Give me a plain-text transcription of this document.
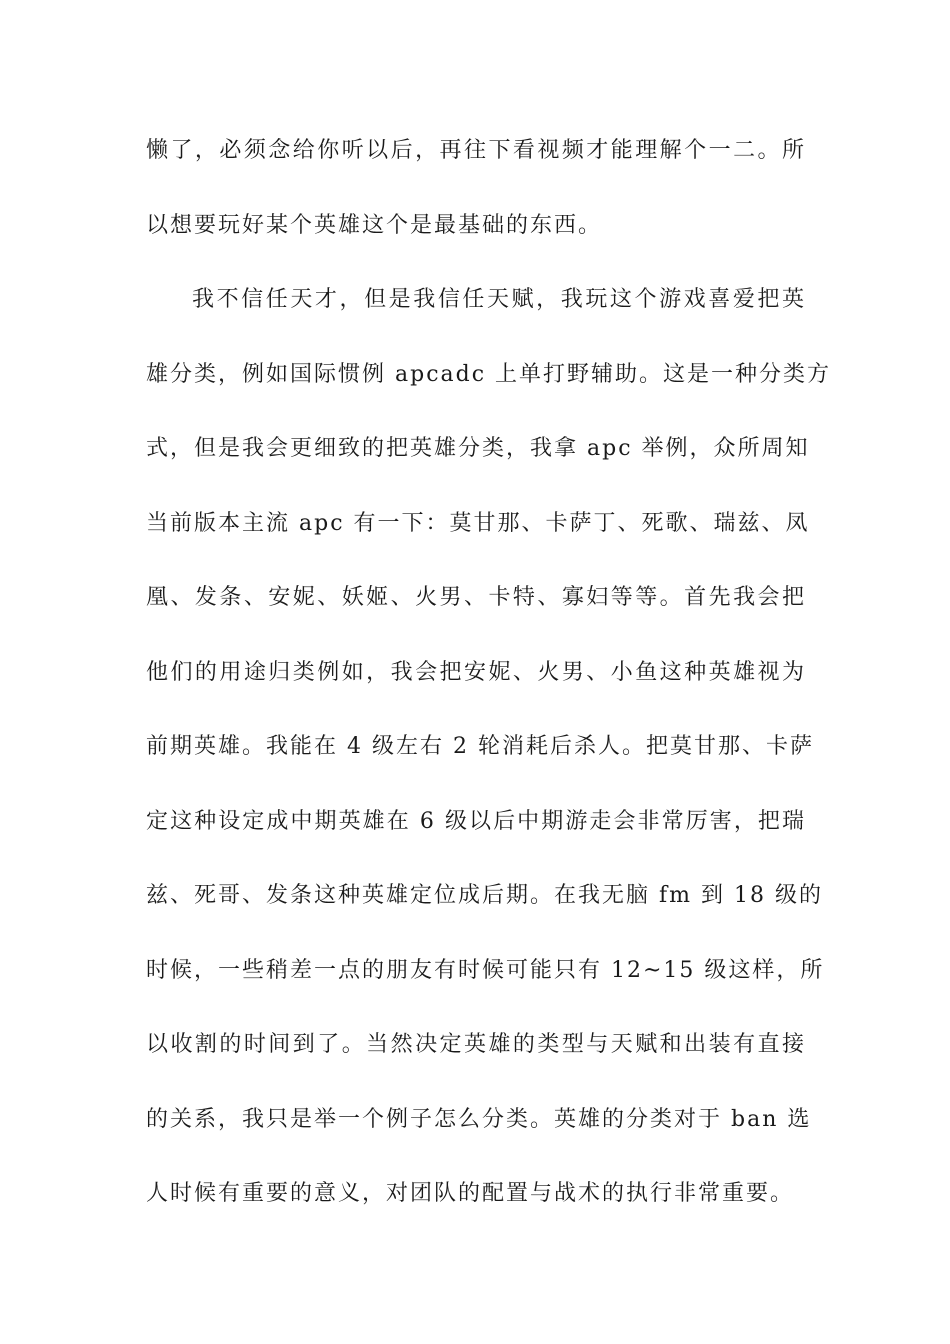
懒了，必须念给你听以后，再往下看视频才能理解个一二。所
以想要玩好某个英雄这个是最基础的东西。
我不信任天才，但是我信任天赋，我玩这个游戏喜爱把英
雄分类，例如国际惯例 apcadc 上单打野辅助。这是一种分类方
式，但是我会更细致的把英雄分类，我拿 apc 举例，众所周知
当前版本主流 apc 有一下：莫甘那、卡萨丁、死歌、瑞兹、凤
凰、发条、安妮、妖姬、火男、卡特、寡妇等等。首先我会把
他们的用途归类例如，我会把安妮、火男、小鱼这种英雄视为
前期英雄。我能在 4 级左右 2 轮消耗后杀人。把莫甘那、卡萨
定这种设定成中期英雄在 6 级以后中期游走会非常厉害，把瑞
兹、死哥、发条这种英雄定位成后期。在我无脑 fm 到 18 级的
时候，一些稍差一点的朋友有时候可能只有 12~15 级这样，所
以收割的时间到了。当然决定英雄的类型与天赋和出装有直接
的关系，我只是举一个例子怎么分类。英雄的分类对于 ban 选
人时候有重要的意义，对团队的配置与战术的执行非常重要。
